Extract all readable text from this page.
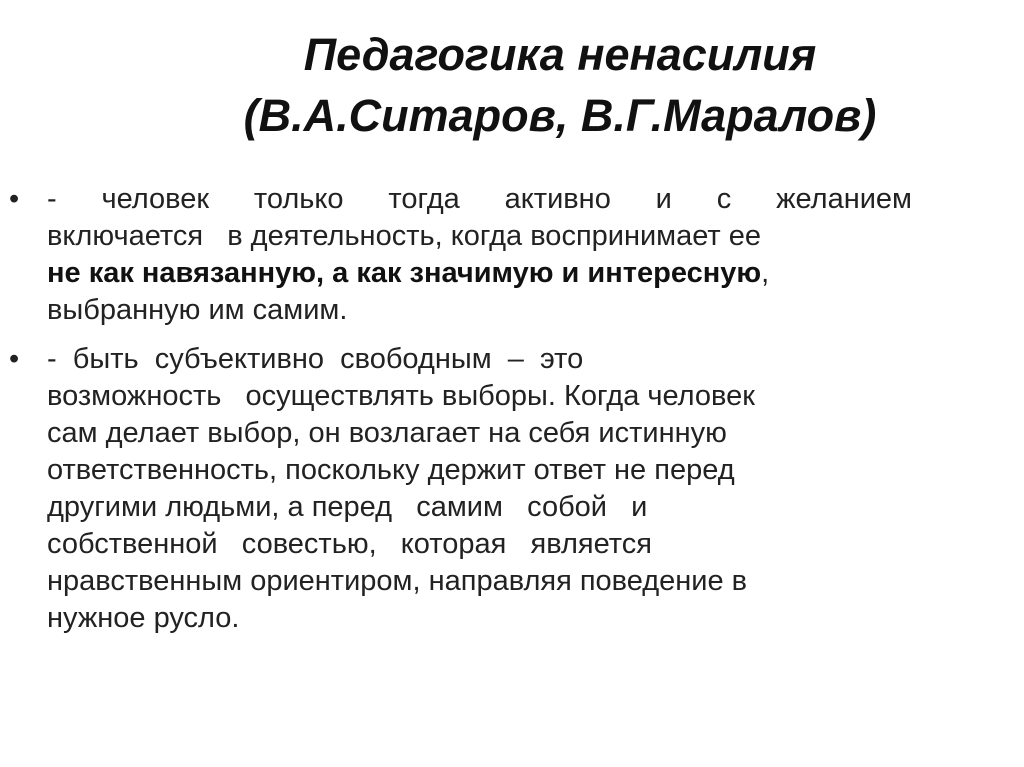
Педагогика ненасилия
(В.А.Ситаров, В.Г.Маралов)
• - человек только тогда активно и с желанием
включается   в деятельность, когда воспринимает ее
не как навязанную, а как значимую и интересную,
выбранную им самим.
• -  быть  субъективно  свободным  –  это
возможность   осуществлять выборы. Когда человек
сам делает выбор, он возлагает на себя истинную
ответственность, поскольку держит ответ не перед
другими людьми, а перед   самим   собой   и
собственной   совестью,   которая   является
нравственным ориентиром, направляя поведение в
нужное русло.
